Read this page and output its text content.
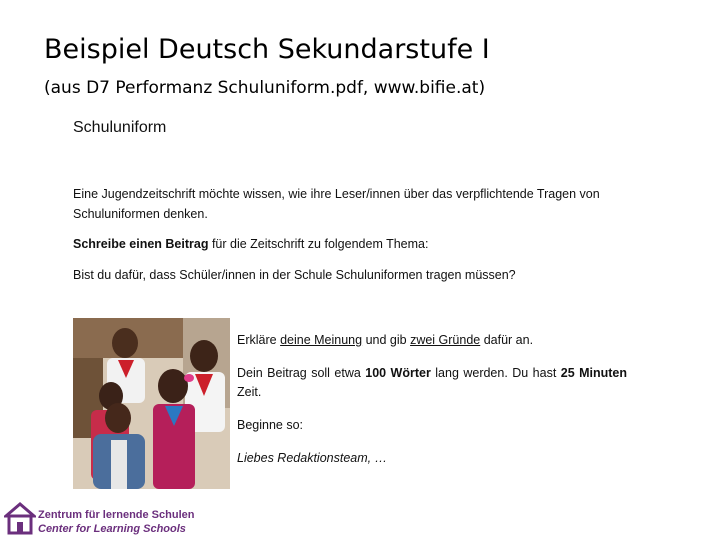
Beispiel Deutsch Sekundarstufe I
(aus D7 Performanz Schuluniform.pdf, www.bifie.at)
Schuluniform
Eine Jugendzeitschrift möchte wissen, wie ihre Leser/innen über das verpflichtende Tragen von Schuluniformen denken.
Schreibe einen Beitrag für die Zeitschrift zu folgendem Thema:
Bist du dafür, dass Schüler/innen in der Schule Schuluniformen tragen müssen?
Erkläre deine Meinung und gib zwei Gründe dafür an.
Dein Beitrag soll etwa 100 Wörter lang werden. Du hast 25 Minuten Zeit.
Beginne so:
Liebes Redaktionsteam, …
Zentrum für lernende Schulen
Center for Learning Schools
